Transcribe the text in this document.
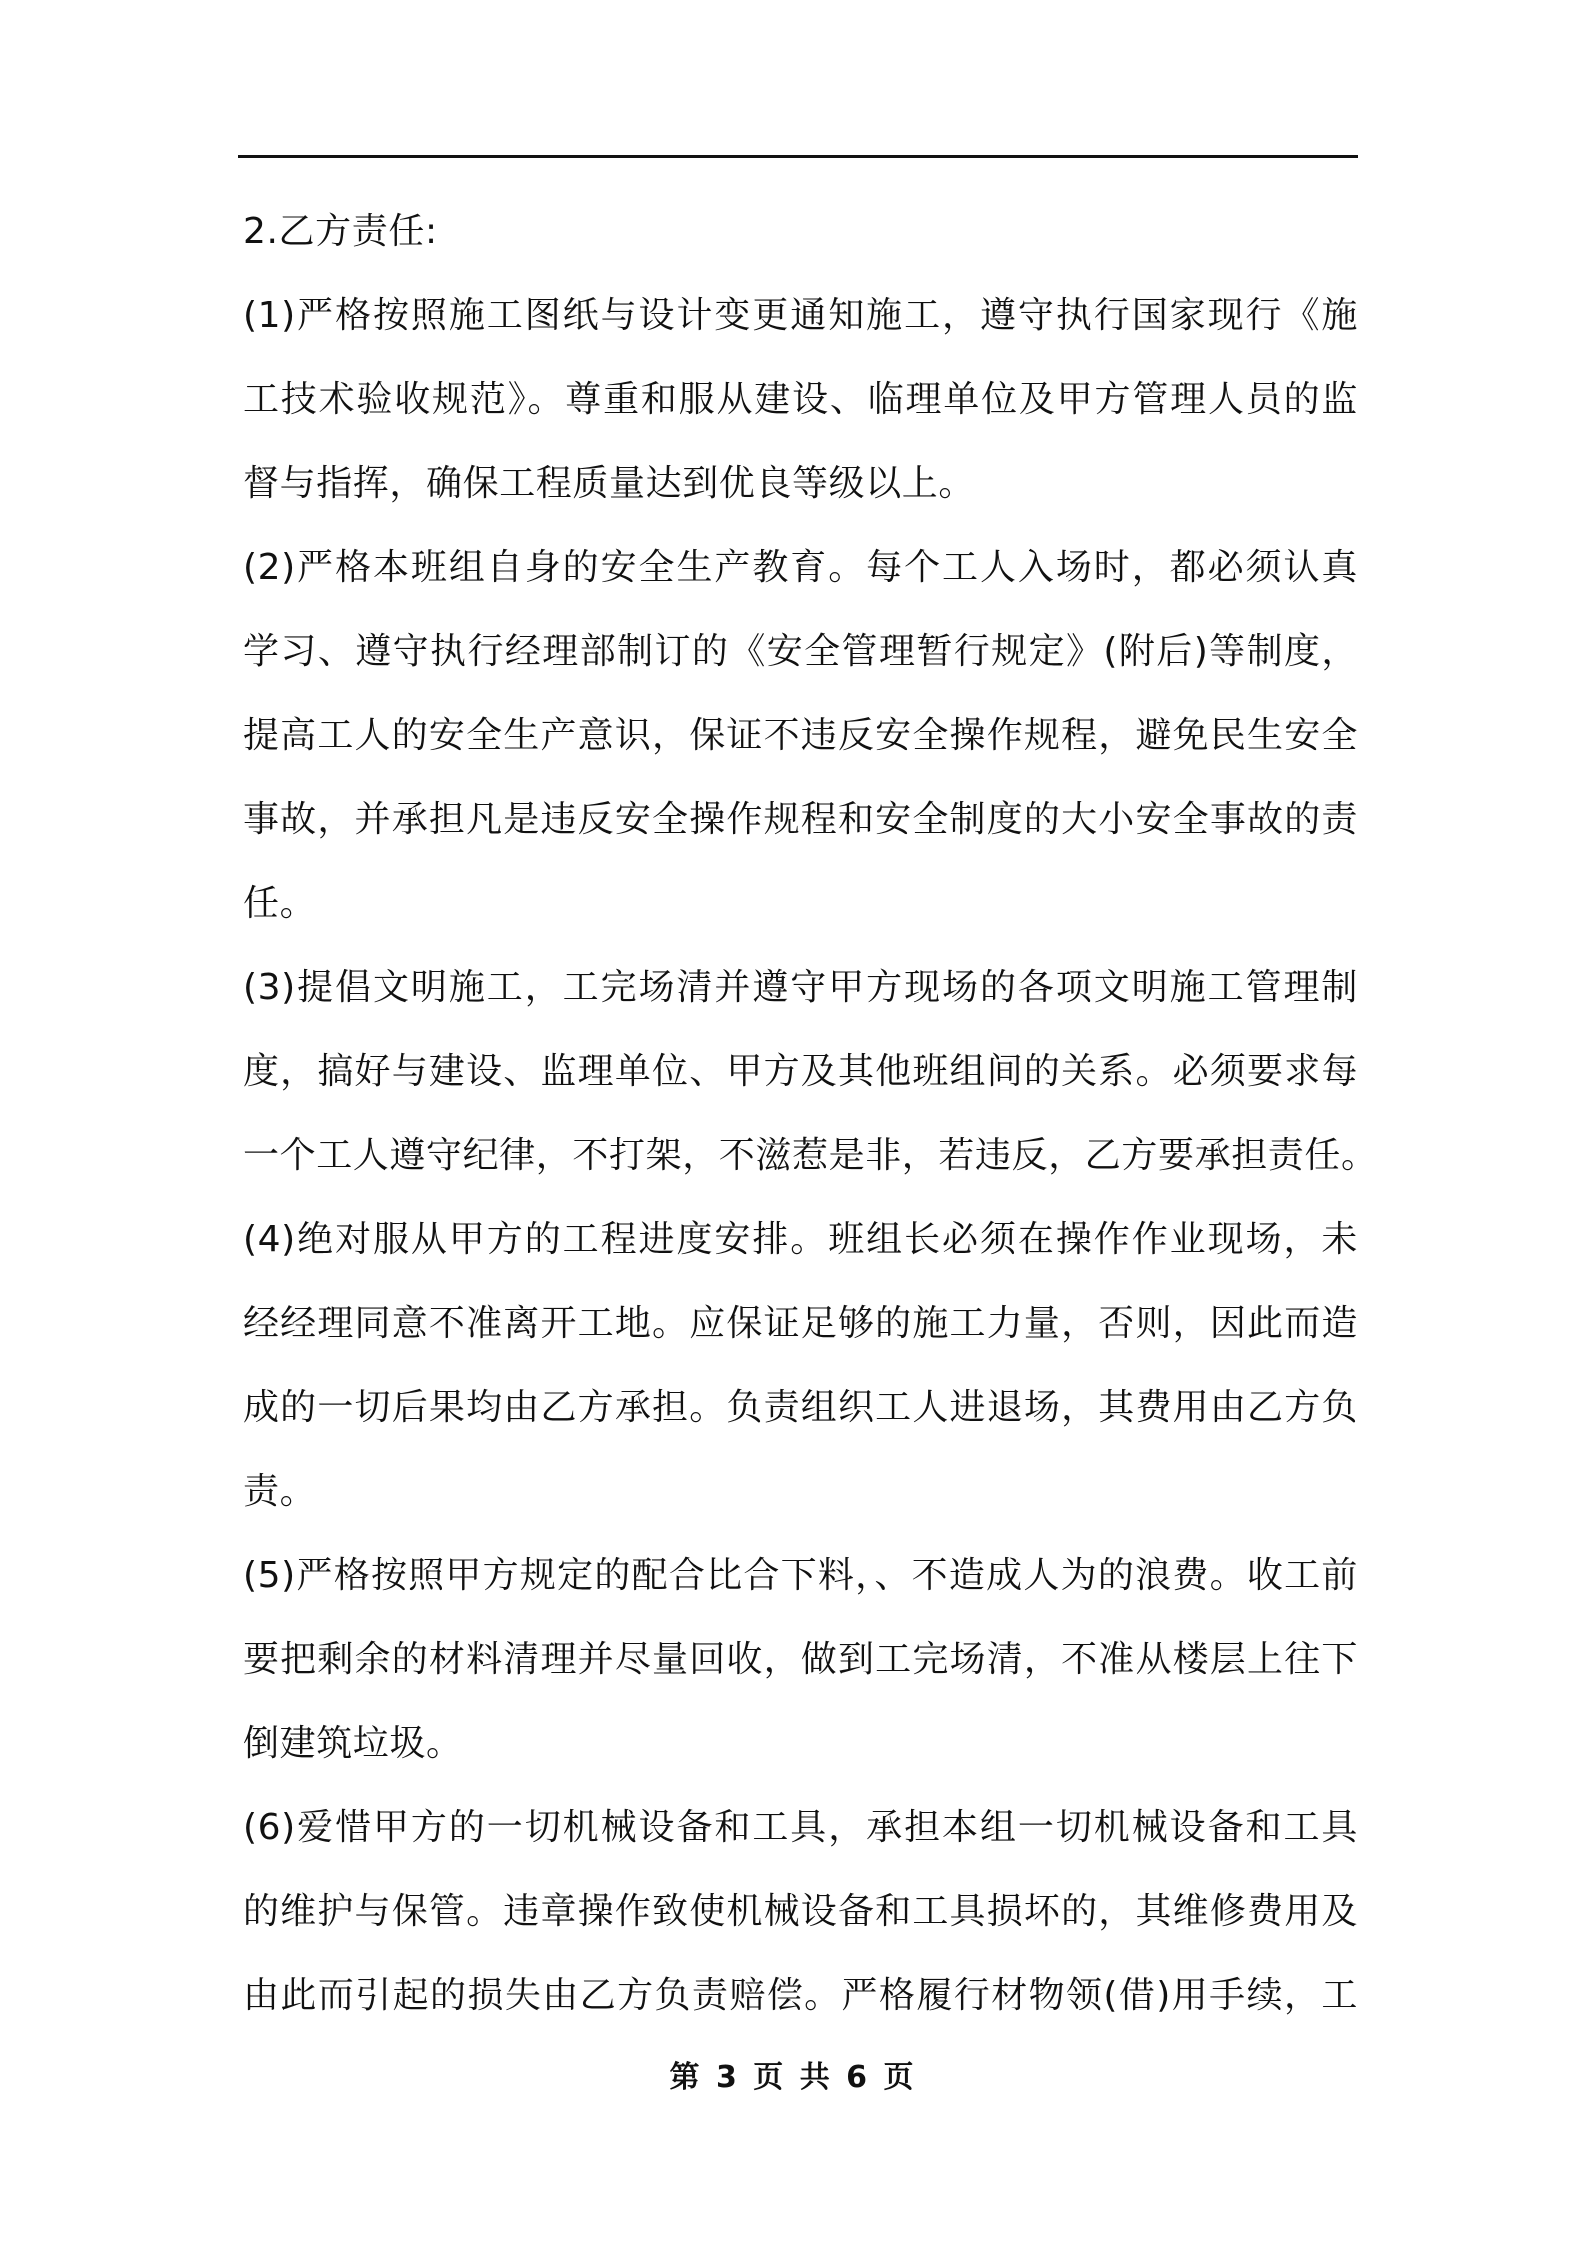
2.乙方责任:
(1)严格按照施工图纸与设计变更通知施工，遵守执行国家现行《施
工技术验收规范》。尊重和服从建设、临理单位及甲方管理人员的监
督与指挥，确保工程质量达到优良等级以上。
(2)严格本班组自身的安全生产教育。每个工人入场时，都必须认真
学习、遵守执行经理部制订的《安全管理暂行规定》(附后)等制度，
提高工人的安全生产意识，保证不违反安全操作规程，避免民生安全
事故，并承担凡是违反安全操作规程和安全制度的大小安全事故的责
任。
(3)提倡文明施工，工完场清并遵守甲方现场的各项文明施工管理制
度，搞好与建设、监理单位、甲方及其他班组间的关系。必须要求每
一个工人遵守纪律，不打架，不滋惹是非，若违反，乙方要承担责任。
(4)绝对服从甲方的工程进度安排。班组长必须在操作作业现场，未
经经理同意不准离开工地。应保证足够的施工力量，否则，因此而造
成的一切后果均由乙方承担。负责组织工人进退场，其费用由乙方负
责。
(5)严格按照甲方规定的配合比合下料，、不造成人为的浪费。收工前
要把剩余的材料清理并尽量回收，做到工完场清，不准从楼层上往下
倒建筑垃圾。
(6)爱惜甲方的一切机械设备和工具，承担本组一切机械设备和工具
的维护与保管。违章操作致使机械设备和工具损坏的，其维修费用及
由此而引起的损失由乙方负责赔偿。严格履行材物领(借)用手续，工
第 3 页 共 6 页
